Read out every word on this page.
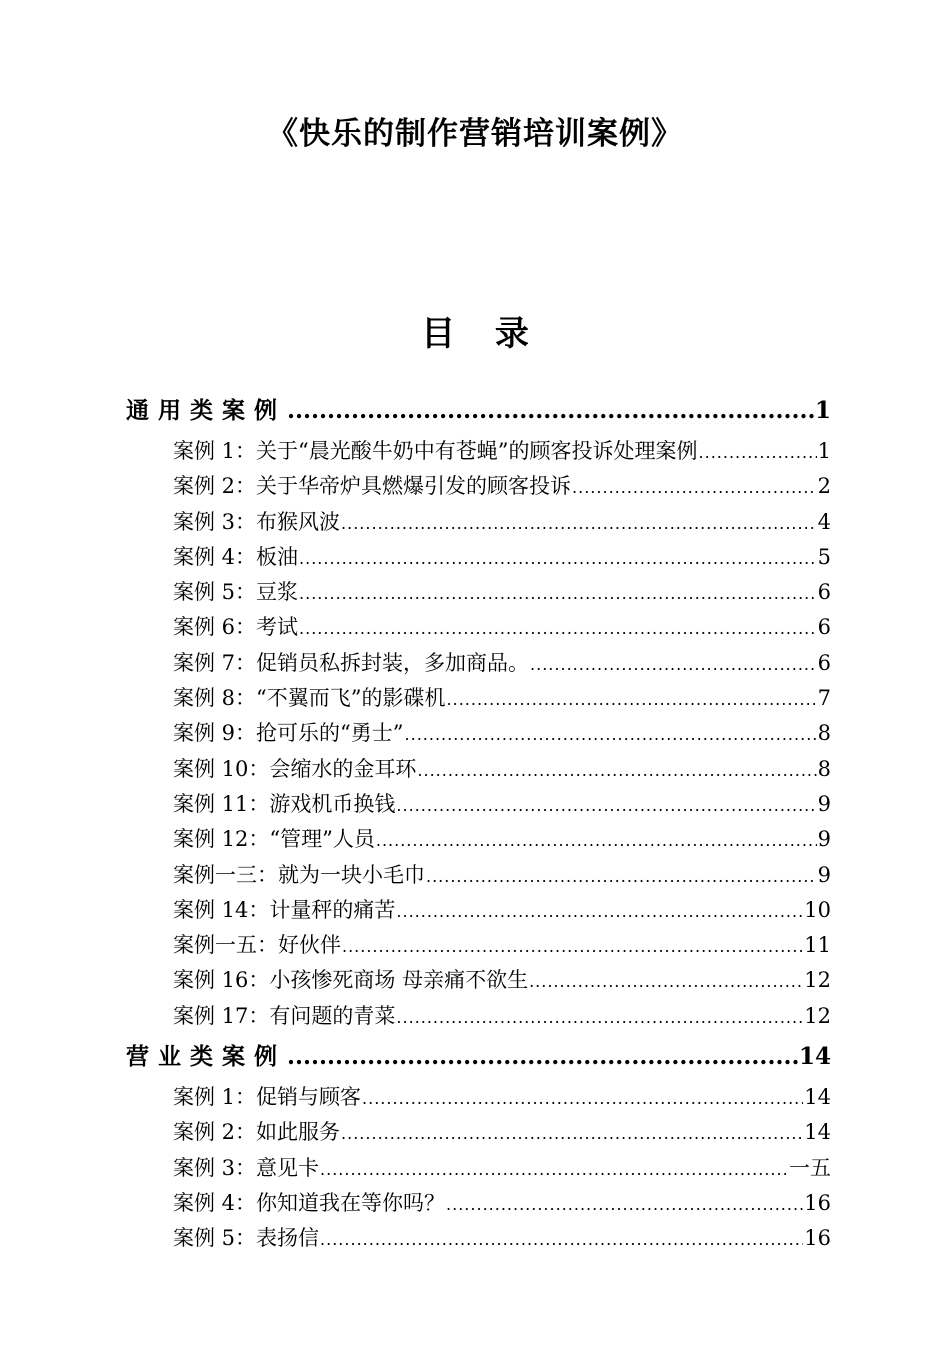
《快乐的制作营销培训案例》
目 录
通用类案例 .....	1
案例 1：关于“晨光酸牛奶中有苍蝇”的顾客投诉处理案例 .....	1
案例 2：关于华帝炉具燃爆引发的顾客投诉 .....	2
案例 3：布猴风波 .....	4
案例 4：板油 .....	5
案例 5：豆浆 .....	6
案例 6：考试 .....	6
案例 7：促销员私拆封装，多加商品。 .....	6
案例 8：“不翼而飞”的影碟机 .....	7
案例 9：抢可乐的“勇士” .....	8
案例 10：会缩水的金耳环 .....	8
案例 11：游戏机币换钱 .....	9
案例 12：“管理”人员 .....	9
案例一三：就为一块小毛巾 .....	9
案例 14：计量秤的痛苦 .....	10
案例一五：好伙伴 .....	11
案例 16：小孩惨死商场 母亲痛不欲生 .....	12
案例 17：有问题的青菜 .....	12
营业类案例 .....	14
案例 1：促销与顾客 .....	14
案例 2：如此服务 .....	14
案例 3：意见卡 .....	一五
案例 4：你知道我在等你吗？ .....	16
案例 5：表扬信 .....	16
